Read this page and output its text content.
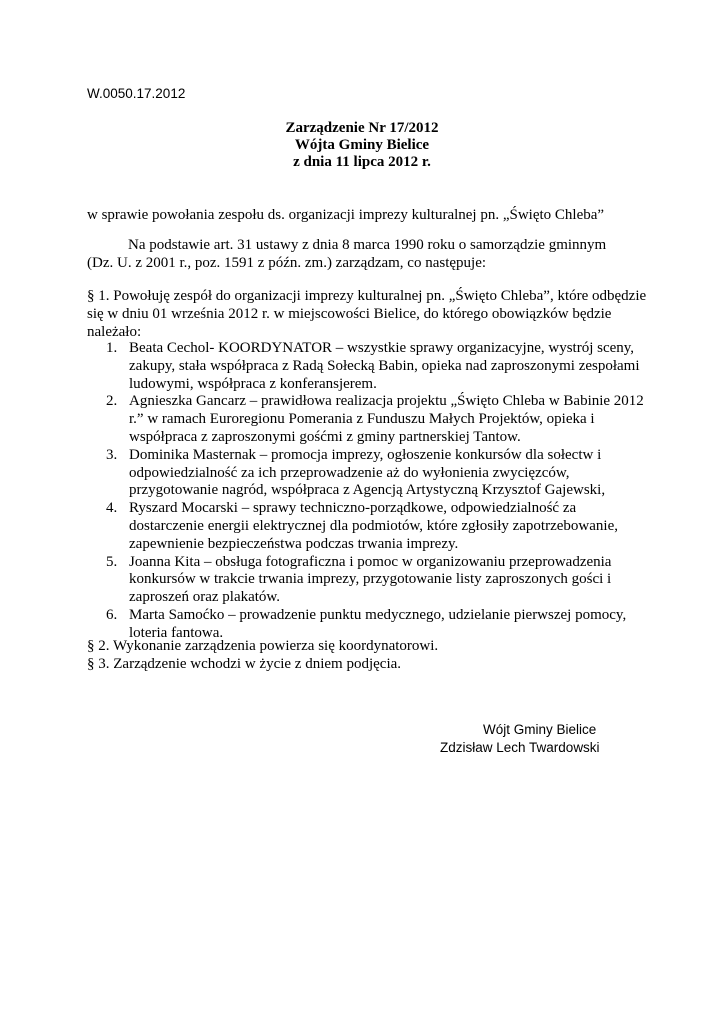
W.0050.17.2012
Zarządzenie Nr 17/2012
Wójta Gminy Bielice
z dnia 11 lipca 2012 r.
w sprawie powołania zespołu ds. organizacji imprezy kulturalnej pn. „Święto Chleba”
Na podstawie art. 31 ustawy z dnia 8 marca 1990 roku o samorządzie gminnym (Dz. U. z 2001 r., poz. 1591 z późn. zm.) zarządzam, co następuje:
§ 1. Powołuję zespół do organizacji imprezy kulturalnej pn. „Święto Chleba”, które odbędzie się w dniu 01 września 2012 r. w miejscowości Bielice, do którego obowiązków będzie należało:
1. Beata Cechol- KOORDYNATOR – wszystkie sprawy organizacyjne, wystrój sceny, zakupy, stała współpraca z Radą Sołecką Babin, opieka nad zaproszonymi zespołami ludowymi, współpraca z konferansjerem.
2. Agnieszka Gancarz – prawidłowa realizacja projektu „Święto Chleba w Babinie 2012 r.” w ramach Euroregionu Pomerania z Funduszu Małych Projektów, opieka i współpraca z zaproszonymi gośćmi z gminy partnerskiej Tantow.
3. Dominika Masternak – promocja imprezy, ogłoszenie konkursów dla sołectw i odpowiedzialność za ich przeprowadzenie aż do wyłonienia zwycięzców, przygotowanie nagród, współpraca z Agencją Artystyczną Krzysztof Gajewski,
4. Ryszard Mocarski – sprawy techniczno-porządkowe, odpowiedzialność za dostarczenie energii elektrycznej dla podmiotów, które zgłosiły zapotrzebowanie, zapewnienie bezpieczeństwa podczas trwania imprezy.
5. Joanna Kita – obsługa fotograficzna i pomoc w organizowaniu przeprowadzenia konkursów w trakcie trwania imprezy, przygotowanie listy zaproszonych gości i zaproszeń oraz plakatów.
6. Marta Samoćko – prowadzenie punktu medycznego, udzielanie pierwszej pomocy, loteria fantowa.
§ 2. Wykonanie zarządzenia powierza się koordynatorowi.
§ 3. Zarządzenie wchodzi w życie z dniem podjęcia.
Wójt Gminy Bielice
Zdzisław Lech Twardowski
